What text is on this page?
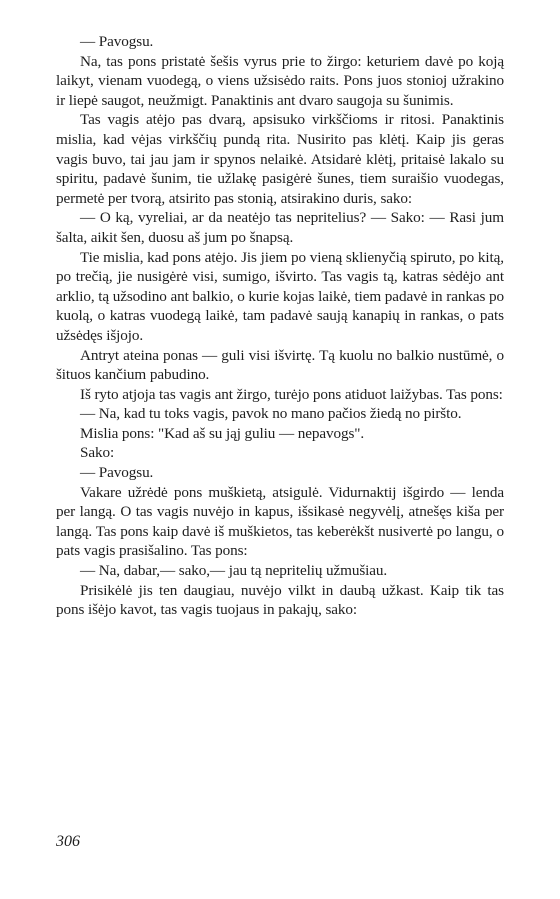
— Pavogsu.

Na, tas pons pristatė šešis vyrus prie to žirgo: keturiem davė po koją laikyt, vienam vuodegą, o viens užsisėdo raits. Pons juos stonioj užrakino ir liepė saugot, neužmigt. Panaktinis ant dvaro saugoja su šunimis.

Tas vagis atėjo pas dvarą, apsisuko virkščioms ir ritosi. Panaktinis mislia, kad vėjas virkščių pundą rita. Nusirito pas klėtį. Kaip jis geras vagis buvo, tai jau jam ir spynos nelaikė. Atsidarė klėtį, pritaisė lakalo su spiritu, padavė šunim, tie užlakę pasigėrė šunes, tiem suraišio vuodegas, permetė per tvorą, atsirito pas stonią, atsirakino duris, sako:

— O ką, vyreliai, ar da neatėjo tas nepritelius? — Sako: — Rasi jum šalta, aikit šen, duosu aš jum po šnapsą.

Tie mislia, kad pons atėjo. Jis jiem po vieną sklienyčią spiruto, po kitą, po trečią, jie nusigėrė visi, sumigo, išvirto. Tas vagis tą, katras sėdėjo ant arklio, tą užsodino ant balkio, o kurie kojas laikė, tiem padavė in rankas po kuolą, o katras vuodegą laikė, tam padavė saują kanapių in rankas, o pats užsėdęs išjojo.

Antryt ateina ponas — guli visi išvirtę. Tą kuolu no balkio nustūmė, o šituos kančium pabudino.

Iš ryto atjoja tas vagis ant žirgo, turėjo pons atiduot laižybas. Tas pons:

— Na, kad tu toks vagis, pavok no mano pačios žiedą no piršto.

Mislia pons: "Kad aš su jąj guliu — nepavogs".

Sako:

— Pavogsu.

Vakare užrėdė pons muškietą, atsigulė. Vidurnaktij išgirdo — lenda per langą. O tas vagis nuvėjo in kapus, išsikasė negyvėlį, atnešęs kiša per langą. Tas pons kaip davė iš muškietos, tas keberėkšt nusivertė po langu, o pats vagis prasišalino. Tas pons:

— Na, dabar,— sako,— jau tą nepritelių užmušiau.

Prisikėlė jis ten daugiau, nuvėjo vilkt in daubą užkast. Kaip tik tas pons išėjo kavot, tas vagis tuojaus in pakajų, sako:

306
